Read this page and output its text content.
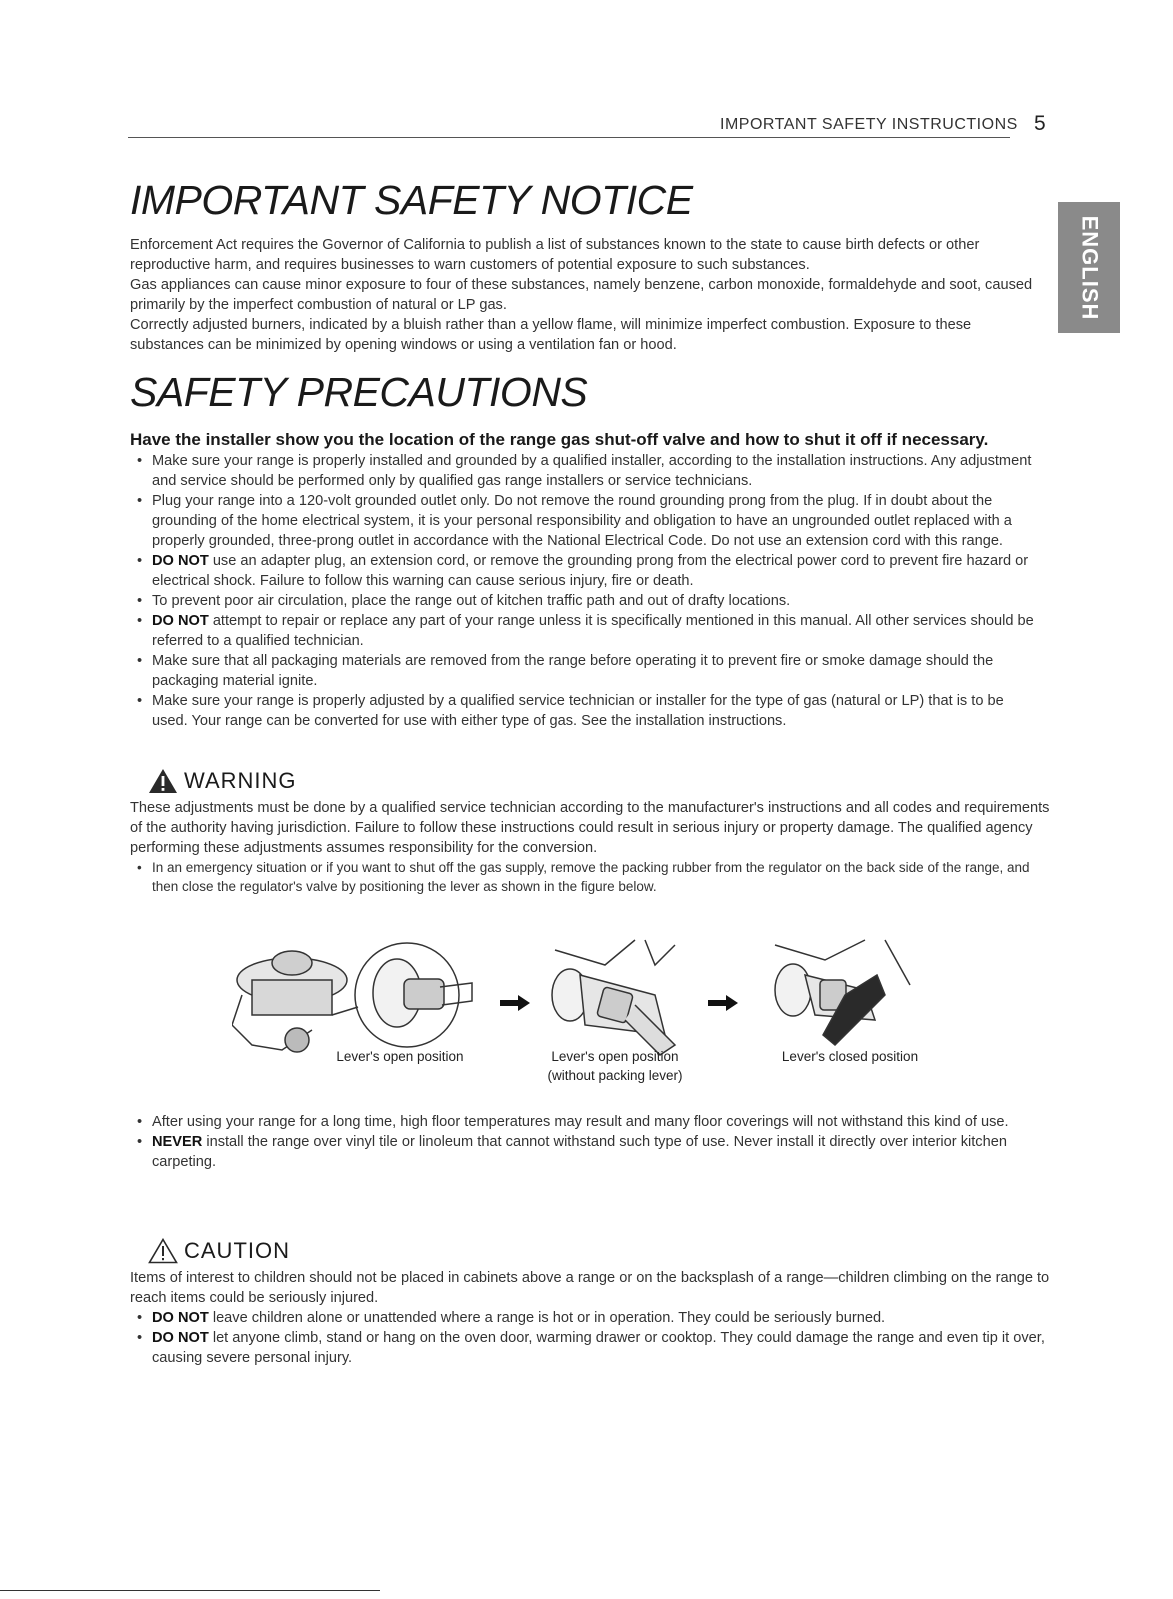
IMPORTANT SAFETY INSTRUCTIONS 5
ENGLISH
IMPORTANT SAFETY NOTICE

Enforcement Act requires the Governor of California to publish a list of substances known to the state to cause birth defects or other reproductive harm, and requires businesses to warn customers of potential exposure to such substances.

Gas appliances can cause minor exposure to four of these substances, namely benzene, carbon monoxide, formaldehyde and soot, caused primarily by the imperfect combustion of natural or LP gas.

Correctly adjusted burners, indicated by a bluish rather than a yellow flame, will minimize imperfect combustion. Exposure to these substances can be minimized by opening windows or using a ventilation fan or hood.

SAFETY PRECAUTIONS

Have the installer show you the location of the range gas shut-off valve and how to shut it off if necessary.

• Make sure your range is properly installed and grounded by a qualified installer, according to the installation instructions. Any adjustment and service should be performed only by qualified gas range installers or service technicians.
• Plug your range into a 120-volt grounded outlet only. Do not remove the round grounding prong from the plug. If in doubt about the grounding of the home electrical system, it is your personal responsibility and obligation to have an ungrounded outlet replaced with a properly grounded, three-prong outlet in accordance with the National Electrical Code. Do not use an extension cord with this range.
• DO NOT use an adapter plug, an extension cord, or remove the grounding prong from the electrical power cord to prevent fire hazard or electrical shock. Failure to follow this warning can cause serious injury, fire or death.
• To prevent poor air circulation, place the range out of kitchen traffic path and out of drafty locations.
• DO NOT attempt to repair or replace any part of your range unless it is specifically mentioned in this manual. All other services should be referred to a qualified technician.
• Make sure that all packaging materials are removed from the range before operating it to prevent fire or smoke damage should the packaging material ignite.
• Make sure your range is properly adjusted by a qualified service technician or installer for the type of gas (natural or LP) that is to be used. Your range can be converted for use with either type of gas. See the installation instructions.
WARNING

These adjustments must be done by a qualified service technician according to the manufacturer's instructions and all codes and requirements of the authority having jurisdiction. Failure to follow these instructions could result in serious injury or property damage. The qualified agency performing these adjustments assumes responsibility for the conversion.

• In an emergency situation or if you want to shut off the gas supply, remove the packing rubber from the regulator on the back side of the range, and then close the regulator's valve by positioning the lever as shown in the figure below.
Lever's open position	Lever's open position (without packing lever)
Lever's closed position
• After using your range for a long time, high floor temperatures may result and many floor coverings will not withstand this kind of use.
• NEVER install the range over vinyl tile or linoleum that cannot withstand such type of use. Never install it directly over interior kitchen carpeting.
CAUTION

Items of interest to children should not be placed in cabinets above a range or on the backsplash of a range—children climbing on the range to reach items could be seriously injured.

• DO NOT leave children alone or unattended where a range is hot or in operation. They could be seriously burned.
• DO NOT let anyone climb, stand or hang on the oven door, warming drawer or cooktop. They could damage the range and even tip it over, causing severe personal injury.
